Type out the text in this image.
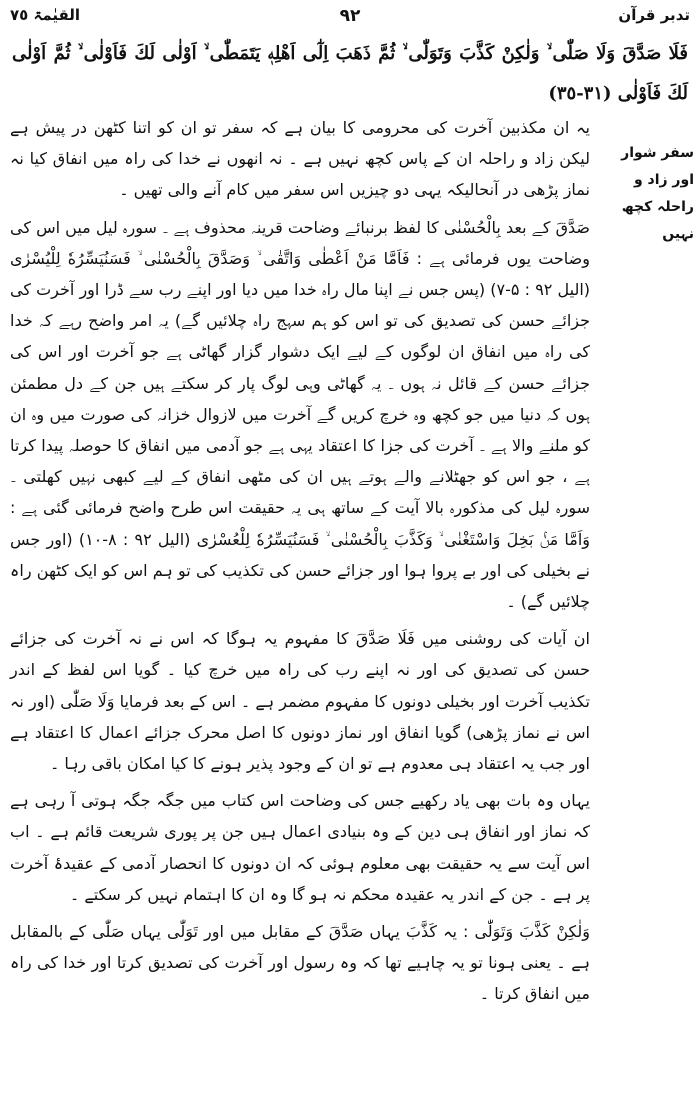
تدبر قرآن
٩٢
القیٰمۃ ٧٥
فَلَا صَدَّقَ وَلَا صَلّٰى ۙ وَلٰكِنْ كَذَّبَ وَتَوَلّٰى ۙ ثُمَّ ذَهَبَ اِلٰٓى اَهْلِهٖ يَتَمَطّٰى ۙ اَوْلٰى لَكَ فَاَوْلٰى ۙ ثُمَّ اَوْلٰى لَكَ فَاَوْلٰى (٣١-٣٥)
سفر شوار اور زاد و راحلہ کچھ نہیں

یہ ان مکذبین آخرت کی محرومی کا بیان ہے کہ سفر تو ان کو اتنا کٹھن در پیش ہے لیکن زاد و راحلہ ان کے پاس کچھ نہیں ہے ۔ نہ انھوں نے خدا کی راہ میں انفاق کیا نہ نماز پڑھی در آنحالیکہ یہی دو چیزیں اس سفر میں کام آنے والی تھیں ۔

صَدَّقَ کے بعد بِالْحُسْنٰى کا لفظ برنبائے وضاحت قرینہ محذوف ہے ۔ سورہ لیل میں اس کی وضاحت یوں فرمائی ہے : فَاَمَّا مَنْ اَعْطٰى وَاتَّقٰى ۙ وَصَدَّقَ بِالْحُسْنٰى ۙ فَسَنُيَسِّرُهٗ لِلْيُسْرٰى (الیل ۹۲ : ۵-۷) (پس جس نے اپنا مال راہ خدا میں دیا اور اپنے رب سے ڈرا اور آخرت کی جزائے حسن کی تصدیق کی تو اس کو ہم سہج راہ چلائیں گے) یہ امر واضح رہے کہ خدا کی راہ میں انفاق ان لوگوں کے لیے ایک دشوار گزار گھاٹی ہے جو آخرت اور اس کی جزائے حسن کے قائل نہ ہوں ۔ یہ گھاٹی وہی لوگ پار کر سکتے ہیں جن کے دل مطمئن ہوں کہ دنیا میں جو کچھ وہ خرچ کریں گے آخرت میں لازوال خزانہ کی صورت میں وہ ان کو ملنے والا ہے ۔ آخرت کی جزا کا اعتقاد یہی ہے جو آدمی میں انفاق کا حوصلہ پیدا کرتا ہے ، جو اس کو جھٹلانے والے ہوتے ہیں ان کی مٹھی انفاق کے لیے کبھی نہیں کھلتی ۔ سورہ لیل کی مذکورہ بالا آیت کے ساتھ ہی یہ حقیقت اس طرح واضح فرمائی گئی ہے : وَاَمَّا مَنْۢ بَخِلَ وَاسْتَغْنٰى ۙ وَكَذَّبَ بِالْحُسْنٰى ۙ فَسَنُيَسِّرُهٗ لِلْعُسْرٰى (الیل ۹۲ : ۸-۱۰) (اور جس نے بخیلی کی اور بے پروا ہوا اور جزائے حسن کی تکذیب کی تو ہم اس کو ایک کٹھن راہ چلائیں گے) ۔

ان آیات کی روشنی میں فَلَا صَدَّقَ کا مفہوم یہ ہوگا کہ اس نے نہ آخرت کی جزائے حسن کی تصدیق کی اور نہ اپنے رب کی راہ میں خرچ کیا ۔ گویا اس لفظ کے اندر تکذیب آخرت اور بخیلی دونوں کا مفہوم مضمر ہے ۔ اس کے بعد فرمایا وَلَا صَلّٰى (اور نہ اس نے نماز پڑھی) گویا انفاق اور نماز دونوں کا اصل محرک جزائے اعمال کا اعتقاد ہے اور جب یہ اعتقاد ہی معدوم ہے تو ان کے وجود پذیر ہونے کا کیا امکان باقی رہا ۔

یہاں وہ بات بھی یاد رکھیے جس کی وضاحت اس کتاب میں جگہ جگہ ہوتی آ رہی ہے کہ نماز اور انفاق ہی دین کے وہ بنیادی اعمال ہیں جن پر پوری شریعت قائم ہے ۔ اب اس آیت سے یہ حقیقت بھی معلوم ہوئی کہ ان دونوں کا انحصار آدمی کے عقیدۂ آخرت پر ہے ۔ جن کے اندر یہ عقیدہ محکم نہ ہو گا وہ ان کا اہتمام نہیں کر سکتے ۔

وَلٰكِنْ كَذَّبَ وَتَوَلّٰى : یہ كَذَّبَ یہاں صَدَّقَ کے مقابل میں اور تَوَلّٰى یہاں صَلّٰى کے بالمقابل ہے ۔ یعنی ہونا تو یہ چاہیے تھا کہ وہ رسول اور آخرت کی تصدیق کرتا اور خدا کی راہ میں انفاق کرتا ۔
